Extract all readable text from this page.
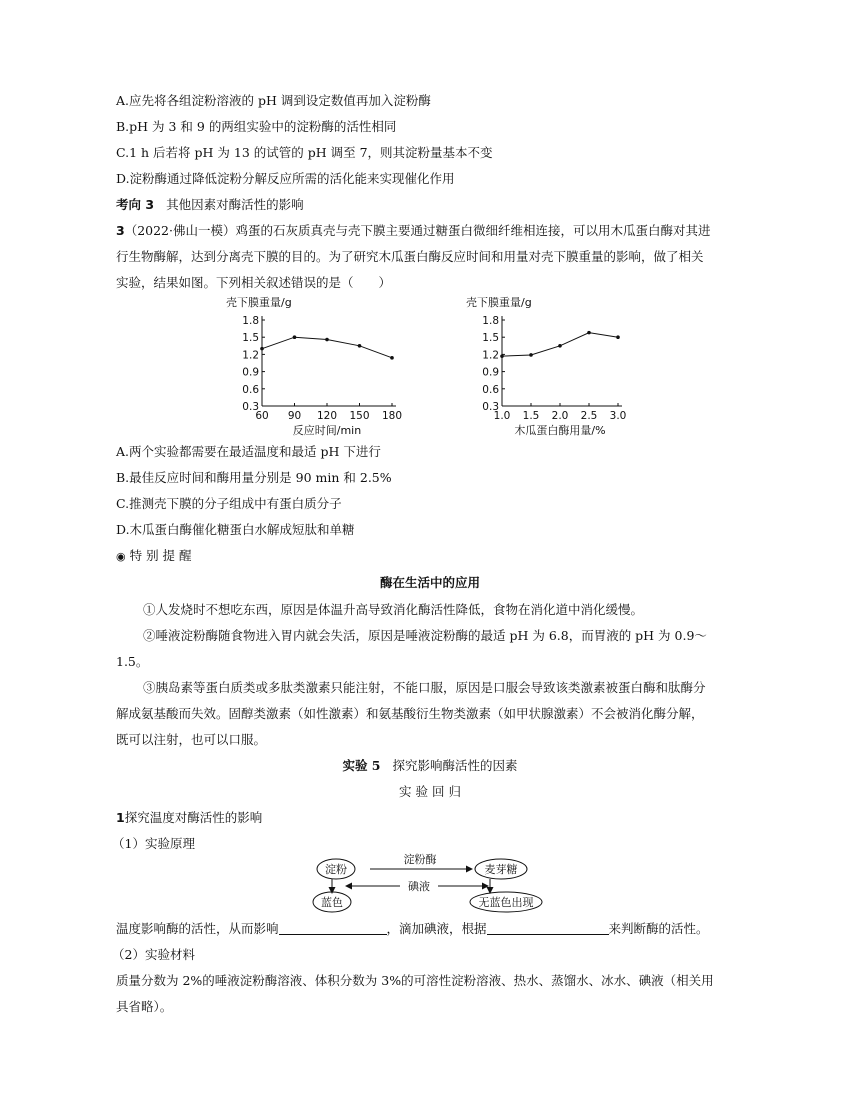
A.应先将各组淀粉溶液的 pH 调到设定数值再加入淀粉酶
B.pH 为 3 和 9 的两组实验中的淀粉酶的活性相同
C.1 h 后若将 pH 为 13 的试管的 pH 调至 7，则其淀粉量基本不变
D.淀粉酶通过降低淀粉分解反应所需的活化能来实现催化作用
考向 3 其他因素对酶活性的影响
3（2022·佛山一模）鸡蛋的石灰质真壳与壳下膜主要通过糖蛋白微细纤维相连接，可以用木瓜蛋白酶对其进
行生物酶解，达到分离壳下膜的目的。为了研究木瓜蛋白酶反应时间和用量对壳下膜重量的影响，做了相关
实验，结果如图。下列相关叙述错误的是（　　）
壳下膜重量/g
0.3
0.6
0.9
1.2
1.5
1.8
60 90 120 150 180
反应时间/min
壳下膜重量/g
0.3
0.6
0.9
1.2
1.5
1.8
1.0 1.5 2.0 2.5 3.0
木瓜蛋白酶用量/%
A.两个实验都需要在最适温度和最适 pH 下进行
B.最佳反应时间和酶用量分别是 90 min 和 2.5%
C.推测壳下膜的分子组成中有蛋白质分子
D.木瓜蛋白酶催化糖蛋白水解成短肽和单糖
◉ 特 别 提 醒
酶在生活中的应用
①人发烧时不想吃东西，原因是体温升高导致消化酶活性降低，食物在消化道中消化缓慢。
②唾液淀粉酶随食物进入胃内就会失活，原因是唾液淀粉酶的最适 pH 为 6.8，而胃液的 pH 为 0.9～
1.5。
③胰岛素等蛋白质类或多肽类激素只能注射，不能口服，原因是口服会导致该类激素被蛋白酶和肽酶分
解成氨基酸而失效。固醇类激素（如性激素）和氨基酸衍生物类激素（如甲状腺激素）不会被消化酶分解，
既可以注射，也可以口服。
实验 5 探究影响酶活性的因素
实 验 回 归
1探究温度对酶活性的影响
（1）实验原理
淀粉	麦芽糖
淀粉酶
碘液
蓝色	无蓝色出现
温度影响酶的活性，从而影响	，滴加碘液，根据	来判断酶的活性。
（2）实验材料
质量分数为 2%的唾液淀粉酶溶液、体积分数为 3%的可溶性淀粉溶液、热水、蒸馏水、冰水、碘液（相关用
具省略）。
